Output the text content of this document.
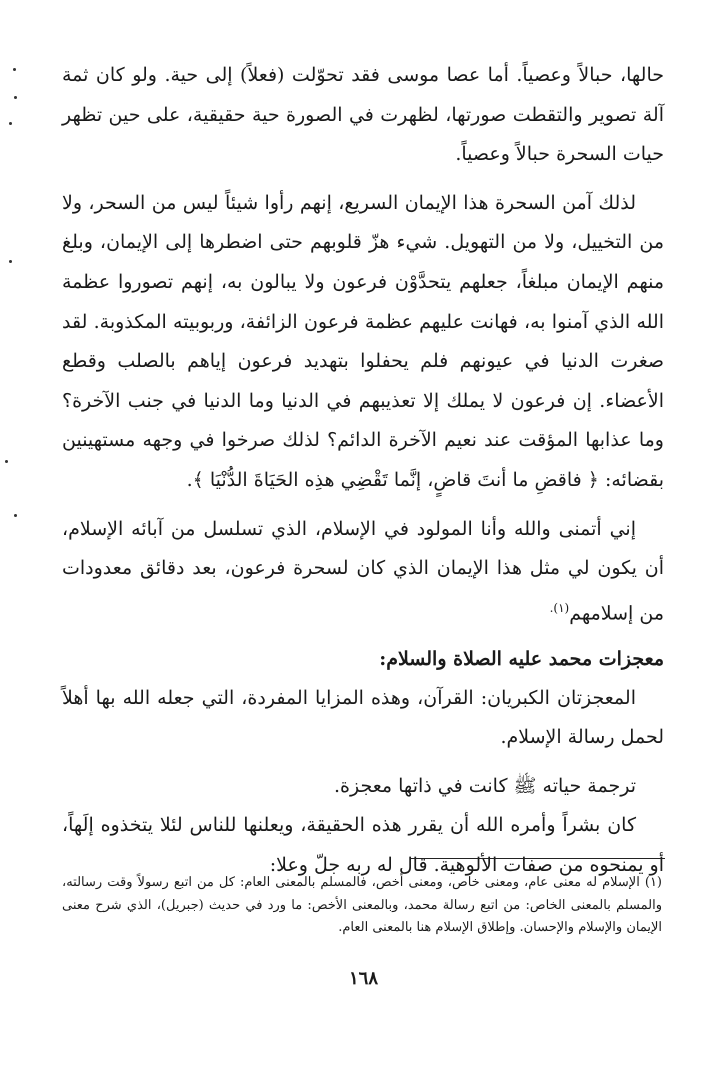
حالها، حبالاً وعصياً. أما عصا موسى فقد تحوّلت (فعلاً) إلى حية. ولو كان ثمة آلة تصوير والتقطت صورتها، لظهرت في الصورة حية حقيقية، على حين تظهر حيات السحرة حبالاً وعصياً.

لذلك آمن السحرة هذا الإيمان السريع، إنهم رأوا شيئاً ليس من السحر، ولا من التخييل، ولا من التهويل. شيء هزّ قلوبهم حتى اضطرها إلى الإيمان، وبلغ منهم الإيمان مبلغاً، جعلهم يتحدَّوْن فرعون ولا يبالون به، إنهم تصوروا عظمة الله الذي آمنوا به، فهانت عليهم عظمة فرعون الزائفة، وربوبيته المكذوبة. لقد صغرت الدنيا في عيونهم فلم يحفلوا بتهديد فرعون إياهم بالصلب وقطع الأعضاء. إن فرعون لا يملك إلا تعذيبهم في الدنيا وما الدنيا في جنب الآخرة؟ وما عذابها المؤقت عند نعيم الآخرة الدائم؟ لذلك صرخوا في وجهه مستهينين بقضائه: ﴿ فاقضِ ما أنتَ قاضٍ، إنَّما تَقْضِي هذِه الحَيَاةَ الدُّنْيَا ﴾.

إني أتمنى والله وأنا المولود في الإسلام، الذي تسلسل من آبائه الإسلام، أن يكون لي مثل هذا الإيمان الذي كان لسحرة فرعون، بعد دقائق معدودات من إسلامهم$^{(١).}$

معجزات محمد عليه الصلاة والسلام:

المعجزتان الكبريان: القرآن، وهذه المزايا المفردة، التي جعله الله بها أهلاً لحمل رسالة الإسلام.

ترجمة حياته ﷺ كانت في ذاتها معجزة.

كان بشراً وأمره الله أن يقرر هذه الحقيقة، ويعلنها للناس لئلا يتخذوه إلَهاً، أو يمنحوه من صفات الألوهية. قال له ربه جلّ وعلا:

(١) الإسلام له معنى عام، ومعنى خاص، ومعنى أخص، فالمسلم بالمعنى العام: كل من اتبع رسولاً وقت رسالته، والمسلم بالمعنى الخاص: من اتبع رسالة محمد، وبالمعنى الأخص: ما ورد في حديث (جبريل)، الذي شرح معنى الإيمان والإسلام والإحسان. وإطلاق الإسلام هنا بالمعنى العام.

١٦٨
